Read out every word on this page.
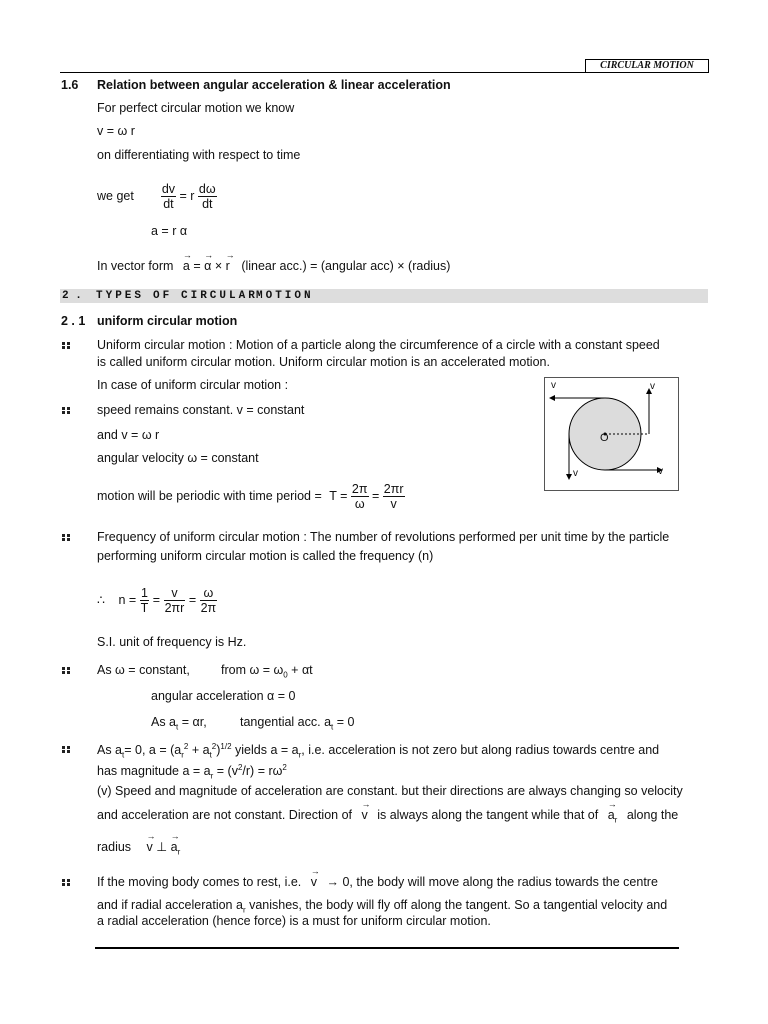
CIRCULAR MOTION
1.6 Relation between angular acceleration & linear acceleration
For perfect circular motion we know
v = ω r
on differentiating with respect to time
we get $\frac{dv}{dt} = r \frac{d\omega}{dt}$
a = r α
In vector form → a = → α × → r (linear acc.) = (angular acc) × (radius)
2 . TYPES OF CIRCULAR
MOTION
2 . 1 uniform circular motion
Uniform circular motion : Motion of a particle along the circumference of a circle with a constant speed
is called uniform circular motion. Uniform circular motion is an accelerated motion.
In case of uniform circular motion :
speed remains constant. v = constant
and v = ω r
angular velocity ω = constant
motion will be periodic with time period = $T = \frac{2\pi}{\omega} = \frac{2\pi r}{v}$
v	v
v	v
O
Frequency of uniform circular motion : The number of revolutions performed per unit time by the particle
performing uniform circular motion is called the frequency (n)
∴ $n = \frac{1}{T} = \frac{v}{2\pi r} = \frac{\omega}{2\pi}$
S.I. unit of frequency is Hz.
As ω = constant, from $\omega = \omega_0 + \alpha t$
angular acceleration α = 0
As $a_t = \alpha r$,	tangential acc. $a_t = 0$
As $a_t= 0$, $a = (a_r^2 + a_t^2)^{1/2}$ yields $a = a_r$, i.e. acceleration is not zero but along radius towards centre and
has magnitude $a = a_r = (v^2/r) = r\omega^2$
(v) Speed and magnitude of acceleration are constant. but their directions are always changing so velocity
and acceleration are not constant. Direction of → v is always along the tangent while that of → $a_r$ along the
radius → v ⊥ → $a_r$
If the moving body comes to rest, i.e. → v → 0, the body will move along the radius towards the centre
and if radial acceleration $a_r$ vanishes, the body will fly off along the tangent. So a tangential velocity and
a radial acceleration (hence force) is a must for uniform circular motion.
